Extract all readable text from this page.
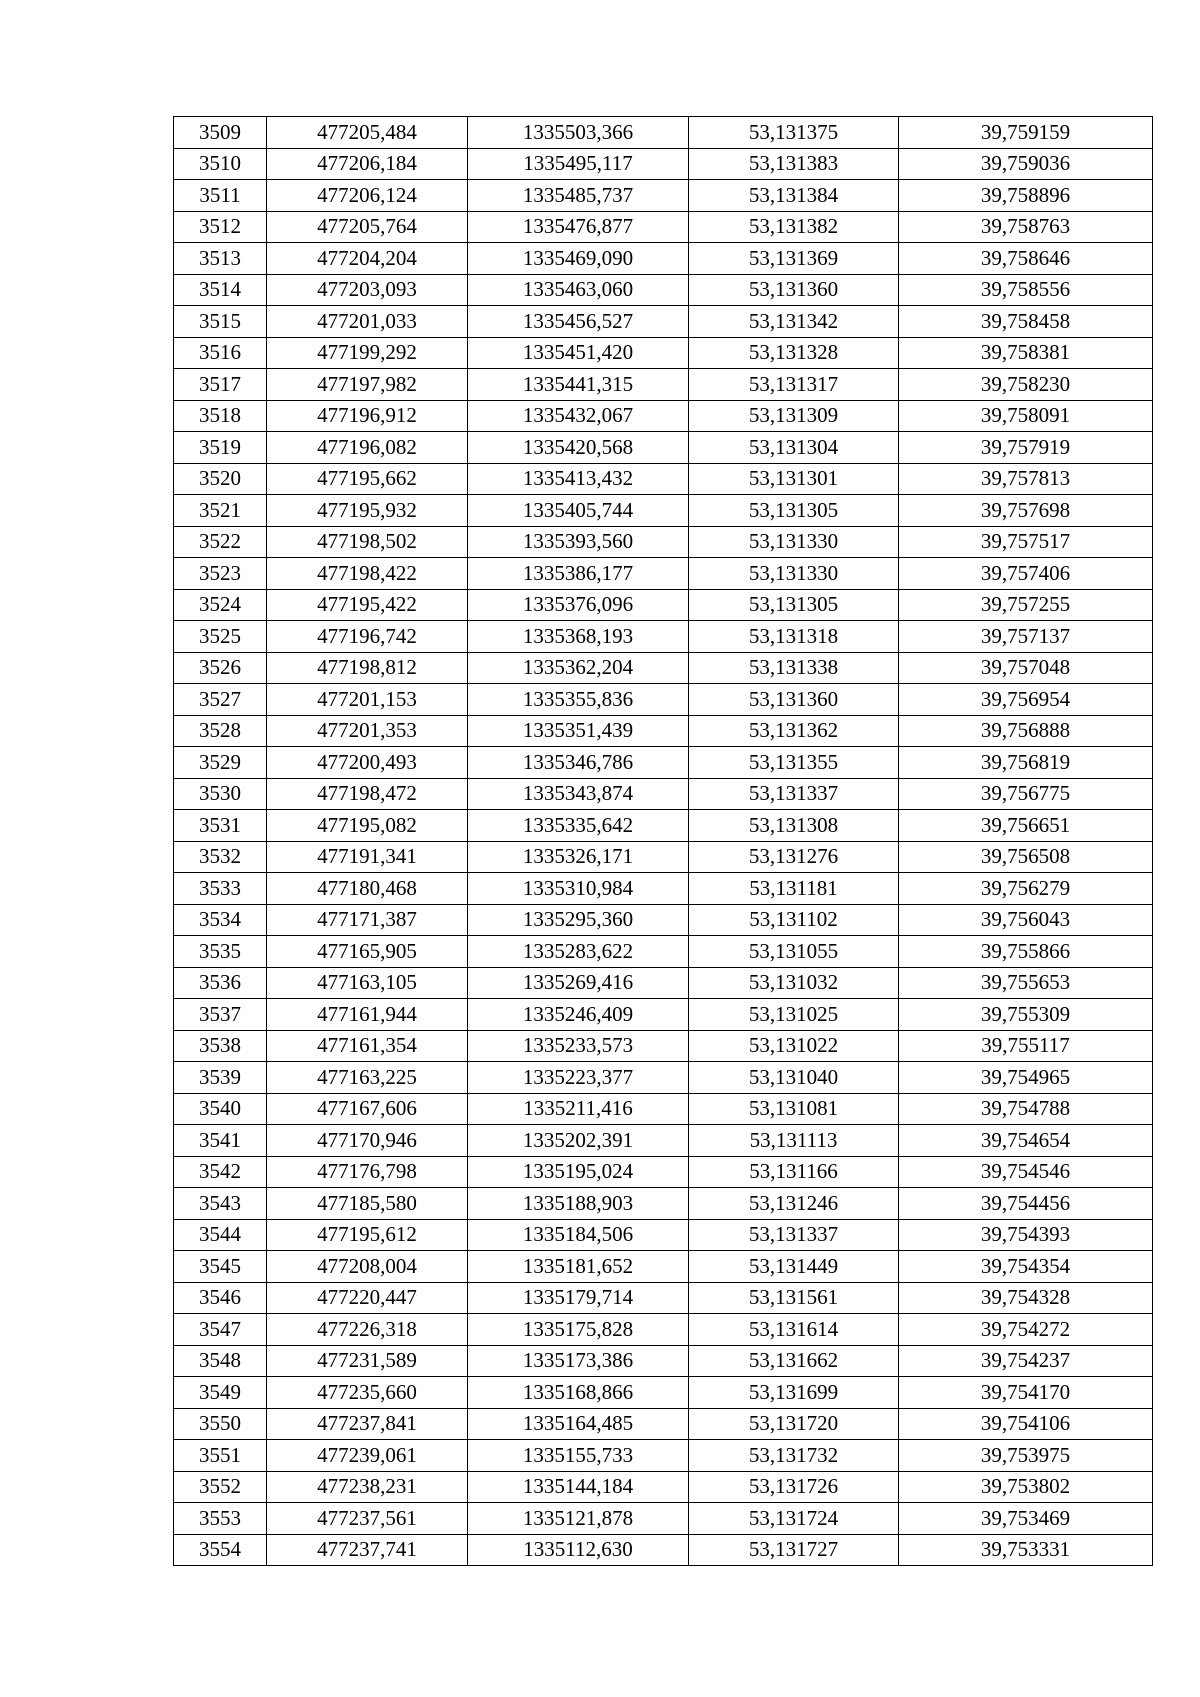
3509	477205,484	1335503,366	53,131375	39,759159
3510	477206,184	1335495,117	53,131383	39,759036
3511	477206,124	1335485,737	53,131384	39,758896
3512	477205,764	1335476,877	53,131382	39,758763
3513	477204,204	1335469,090	53,131369	39,758646
3514	477203,093	1335463,060	53,131360	39,758556
3515	477201,033	1335456,527	53,131342	39,758458
3516	477199,292	1335451,420	53,131328	39,758381
3517	477197,982	1335441,315	53,131317	39,758230
3518	477196,912	1335432,067	53,131309	39,758091
3519	477196,082	1335420,568	53,131304	39,757919
3520	477195,662	1335413,432	53,131301	39,757813
3521	477195,932	1335405,744	53,131305	39,757698
3522	477198,502	1335393,560	53,131330	39,757517
3523	477198,422	1335386,177	53,131330	39,757406
3524	477195,422	1335376,096	53,131305	39,757255
3525	477196,742	1335368,193	53,131318	39,757137
3526	477198,812	1335362,204	53,131338	39,757048
3527	477201,153	1335355,836	53,131360	39,756954
3528	477201,353	1335351,439	53,131362	39,756888
3529	477200,493	1335346,786	53,131355	39,756819
3530	477198,472	1335343,874	53,131337	39,756775
3531	477195,082	1335335,642	53,131308	39,756651
3532	477191,341	1335326,171	53,131276	39,756508
3533	477180,468	1335310,984	53,131181	39,756279
3534	477171,387	1335295,360	53,131102	39,756043
3535	477165,905	1335283,622	53,131055	39,755866
3536	477163,105	1335269,416	53,131032	39,755653
3537	477161,944	1335246,409	53,131025	39,755309
3538	477161,354	1335233,573	53,131022	39,755117
3539	477163,225	1335223,377	53,131040	39,754965
3540	477167,606	1335211,416	53,131081	39,754788
3541	477170,946	1335202,391	53,131113	39,754654
3542	477176,798	1335195,024	53,131166	39,754546
3543	477185,580	1335188,903	53,131246	39,754456
3544	477195,612	1335184,506	53,131337	39,754393
3545	477208,004	1335181,652	53,131449	39,754354
3546	477220,447	1335179,714	53,131561	39,754328
3547	477226,318	1335175,828	53,131614	39,754272
3548	477231,589	1335173,386	53,131662	39,754237
3549	477235,660	1335168,866	53,131699	39,754170
3550	477237,841	1335164,485	53,131720	39,754106
3551	477239,061	1335155,733	53,131732	39,753975
3552	477238,231	1335144,184	53,131726	39,753802
3553	477237,561	1335121,878	53,131724	39,753469
3554	477237,741	1335112,630	53,131727	39,753331
